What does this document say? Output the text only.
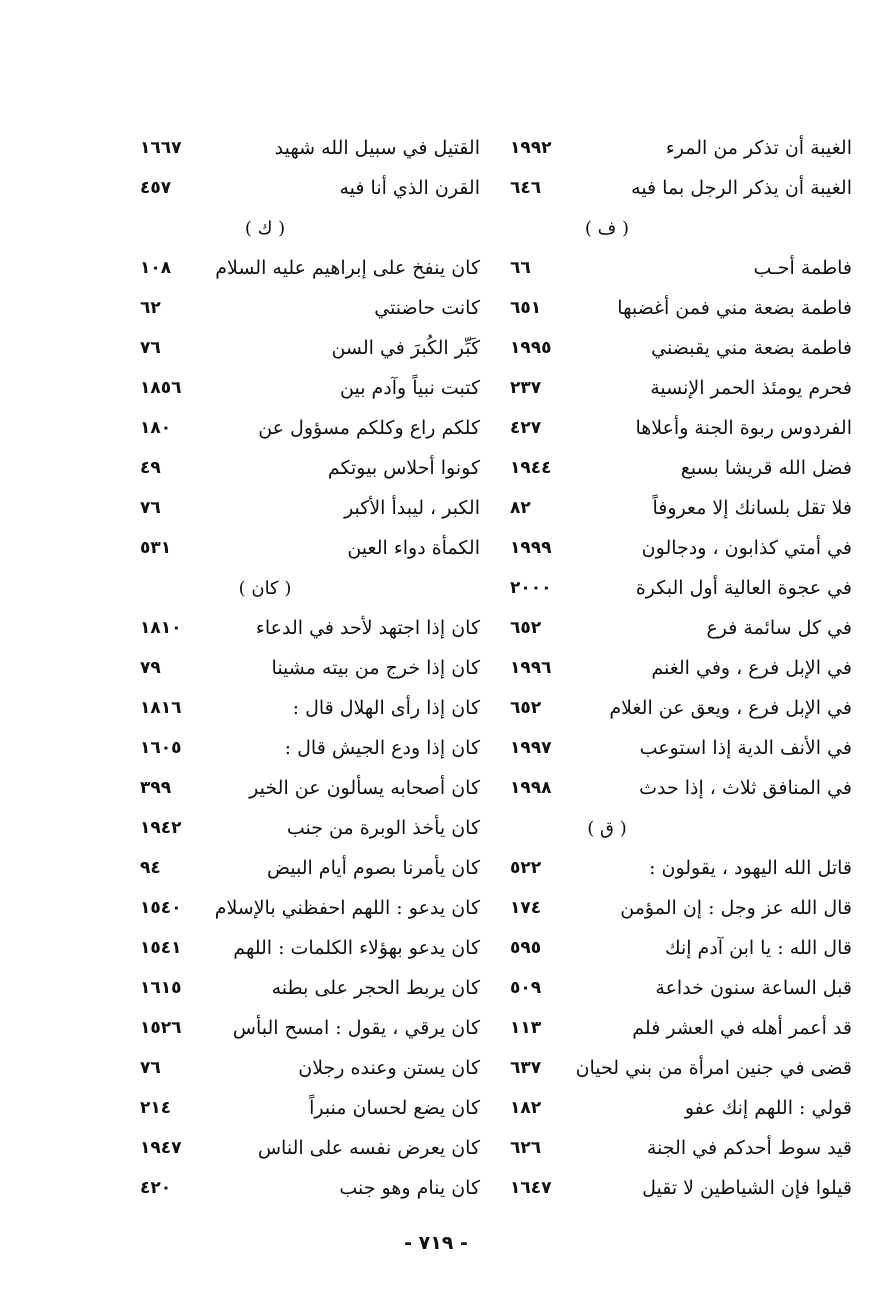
الغيبة أن تذكر من المرء
١٩٩٢
الغيبة أن يذكر الرجل بما فيه
٦٤٦
( ف )
فاطمة أحـب
٦٦
فاطمة بضعة مني فمن أغضبها
٦٥١
فاطمة بضعة مني يقبضني
١٩٩٥
فحرم يومئذ الحمر الإنسية
٢٣٧
الفردوس ربوة الجنة وأعلاها
٤٢٧
فضل الله قريشا بسبع
١٩٤٤
فلا تقل بلسانك إلا معروفاً
٨٢
في أمتي كذابون ، ودجالون
١٩٩٩
في عجوة العالية أول البكرة
٢٠٠٠
في كل سائمة فرع
٦٥٢
في الإبل فرع ، وفي الغنم
١٩٩٦
في الإبل فرع ، ويعق عن الغلام
٦٥٢
في الأنف الدية إذا استوعب
١٩٩٧
في المنافق ثلاث ، إذا حدث
١٩٩٨
( ق )
قاتل الله اليهود ، يقولون :
٥٢٢
قال الله عز وجل : إن المؤمن
١٧٤
قال الله : يا ابن آدم إنك
٥٩٥
قبل الساعة سنون خداعة
٥٠٩
قد أعمر أهله في العشر فلم
١١٣
قضى في جنين امرأة من بني لحيان
٦٣٧
قولي : اللهم إنك عفو
١٨٢
قيد سوط أحدكم في الجنة
٦٢٦
قيلوا فإن الشياطين لا تقيل
١٦٤٧
القتيل في سبيل الله شهيد
١٦٦٧
القرن الذي أنا فيه
٤٥٧
( ك )
كان ينفخ على إبراهيم عليه السلام
١٠٨
كانت حاضنتي
٦٢
كَبِّر الكُبرَ في السن
٧٦
كتبت نبياً وآدم بين
١٨٥٦
كلكم راع وكلكم مسؤول عن
١٨٠
كونوا أحلاس بيوتكم
٤٩
الكبر ، ليبدأ الأكبر
٧٦
الكمأة دواء العين
٥٣١
( كان )
كان إذا اجتهد لأحد في الدعاء
١٨١٠
كان إذا خرج من بيته مشينا
٧٩
كان إذا رأى الهلال قال :
١٨١٦
كان إذا ودع الجيش قال :
١٦٠٥
كان أصحابه يسألون عن الخير
٣٩٩
كان يأخذ الوبرة من جنب
١٩٤٢
كان يأمرنا بصوم أيام البيض
٩٤
كان يدعو : اللهم احفظني بالإسلام
١٥٤٠
كان يدعو بهؤلاء الكلمات : اللهم
١٥٤١
كان يربط الحجر على بطنه
١٦١٥
كان يرقي ، يقول : امسح البأس
١٥٢٦
كان يستن وعنده رجلان
٧٦
كان يضع لحسان منبراً
٢١٤
كان يعرض نفسه على الناس
١٩٤٧
كان ينام وهو جنب
٤٢٠
- ٧١٩ -
